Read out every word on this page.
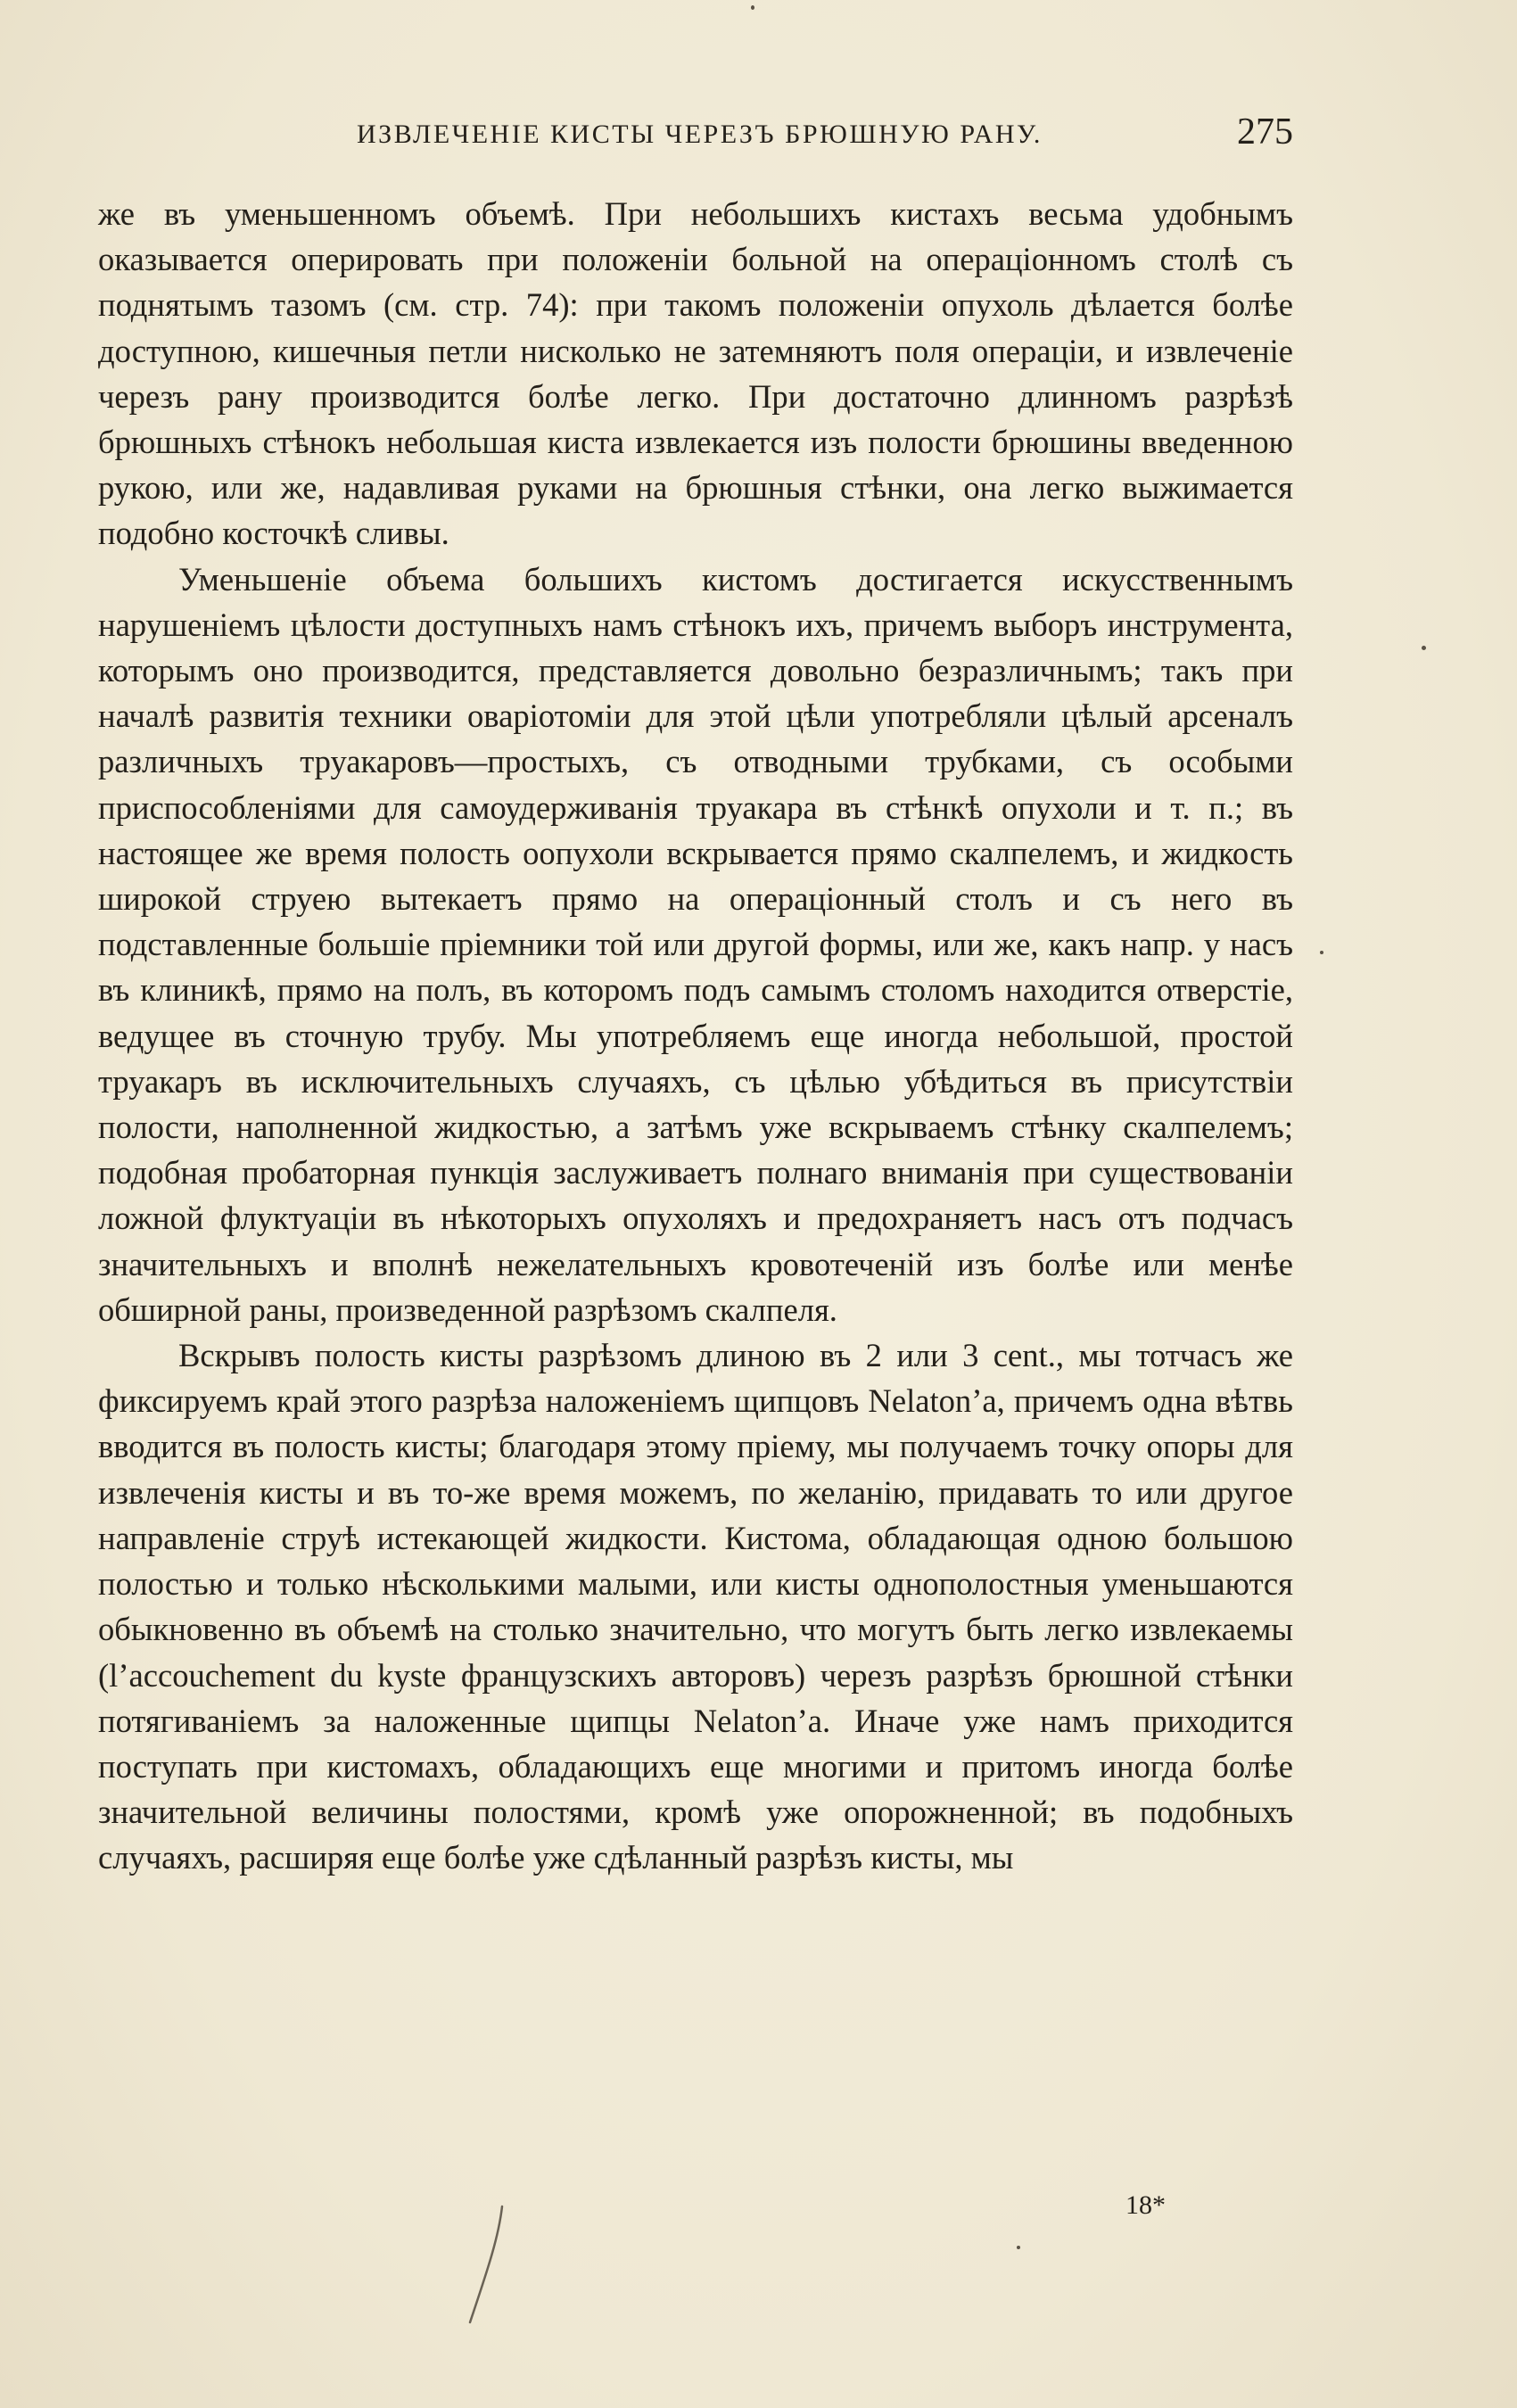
ИЗВЛЕЧЕНІЕ КИСТЫ ЧЕРЕЗЪ БРЮШНУЮ РАНУ.	275

же въ уменьшенномъ объемѣ. При небольшихъ кистахъ весьма удобнымъ оказывается оперировать при положеніи больной на операціонномъ столѣ съ поднятымъ тазомъ (см. стр. 74): при такомъ положеніи опухоль дѣлается болѣе доступною, кишечныя петли нисколько не затемняютъ поля операціи, и извлеченіе черезъ рану производится болѣе легко. При достаточно длинномъ разрѣзѣ брюшныхъ стѣнокъ небольшая киста извлекается изъ полости брюшины введенною рукою, или же, надавливая руками на брюшныя стѣнки, она легко выжимается подобно косточкѣ сливы.

Уменьшеніе объема большихъ кистомъ достигается искусственнымъ нарушеніемъ цѣлости доступныхъ намъ стѣнокъ ихъ, причемъ выборъ инструмента, которымъ оно производится, представляется довольно безразличнымъ; такъ при началѣ развитія техники оваріотоміи для этой цѣли употребляли цѣлый арсеналъ различныхъ труакаровъ—простыхъ, съ отводными трубками, съ особыми приспособленіями для самоудерживанія труакара въ стѣнкѣ опухоли и т. п.; въ настоящее же время полость оопухоли вскрывается прямо скалпелемъ, и жидкость широкой струею вытекаетъ прямо на операціонный столъ и съ него въ подставленные большіе пріемники той или другой формы, или же, какъ напр. у насъ въ клиникѣ, прямо на полъ, въ которомъ подъ самымъ столомъ находится отверстіе, ведущее въ сточную трубу. Мы употребляемъ еще иногда небольшой, простой труакаръ въ исключительныхъ случаяхъ, съ цѣлью убѣдиться въ присутствіи полости, наполненной жидкостью, а затѣмъ уже вскрываемъ стѣнку скалпелемъ; подобная пробаторная пункція заслуживаетъ полнаго вниманія при существованіи ложной флуктуаціи въ нѣкоторыхъ опухоляхъ и предохраняетъ насъ отъ подчасъ значительныхъ и вполнѣ нежелательныхъ кровотеченій изъ болѣе или менѣе обширной раны, произведенной разрѣзомъ скалпеля.

Вскрывъ полость кисты разрѣзомъ длиною въ 2 или 3 cent., мы тотчасъ же фиксируемъ край этого разрѣза наложеніемъ щипцовъ Nelaton’а, причемъ одна вѣтвь вводится въ полость кисты; благодаря этому пріему, мы получаемъ точку опоры для извлеченія кисты и въ то-же время можемъ, по желанію, придавать то или другое направленіе струѣ истекающей жидкости. Кистома, обладающая одною большою полостью и только нѣсколькими малыми, или кисты однополостныя уменьшаются обыкновенно въ объемѣ на столько значительно, что могутъ быть легко извлекаемы (l’accouchement du kyste французскихъ авторовъ) черезъ разрѣзъ брюшной стѣнки потягиваніемъ за наложенные щипцы Nelaton’а. Иначе уже намъ приходится поступать при кистомахъ, обладающихъ еще многими и притомъ иногда болѣе значительной величины полостями, кромѣ уже опорожненной; въ подобныхъ случаяхъ, расширяя еще болѣе уже сдѣланный разрѣзъ кисты, мы

18*
